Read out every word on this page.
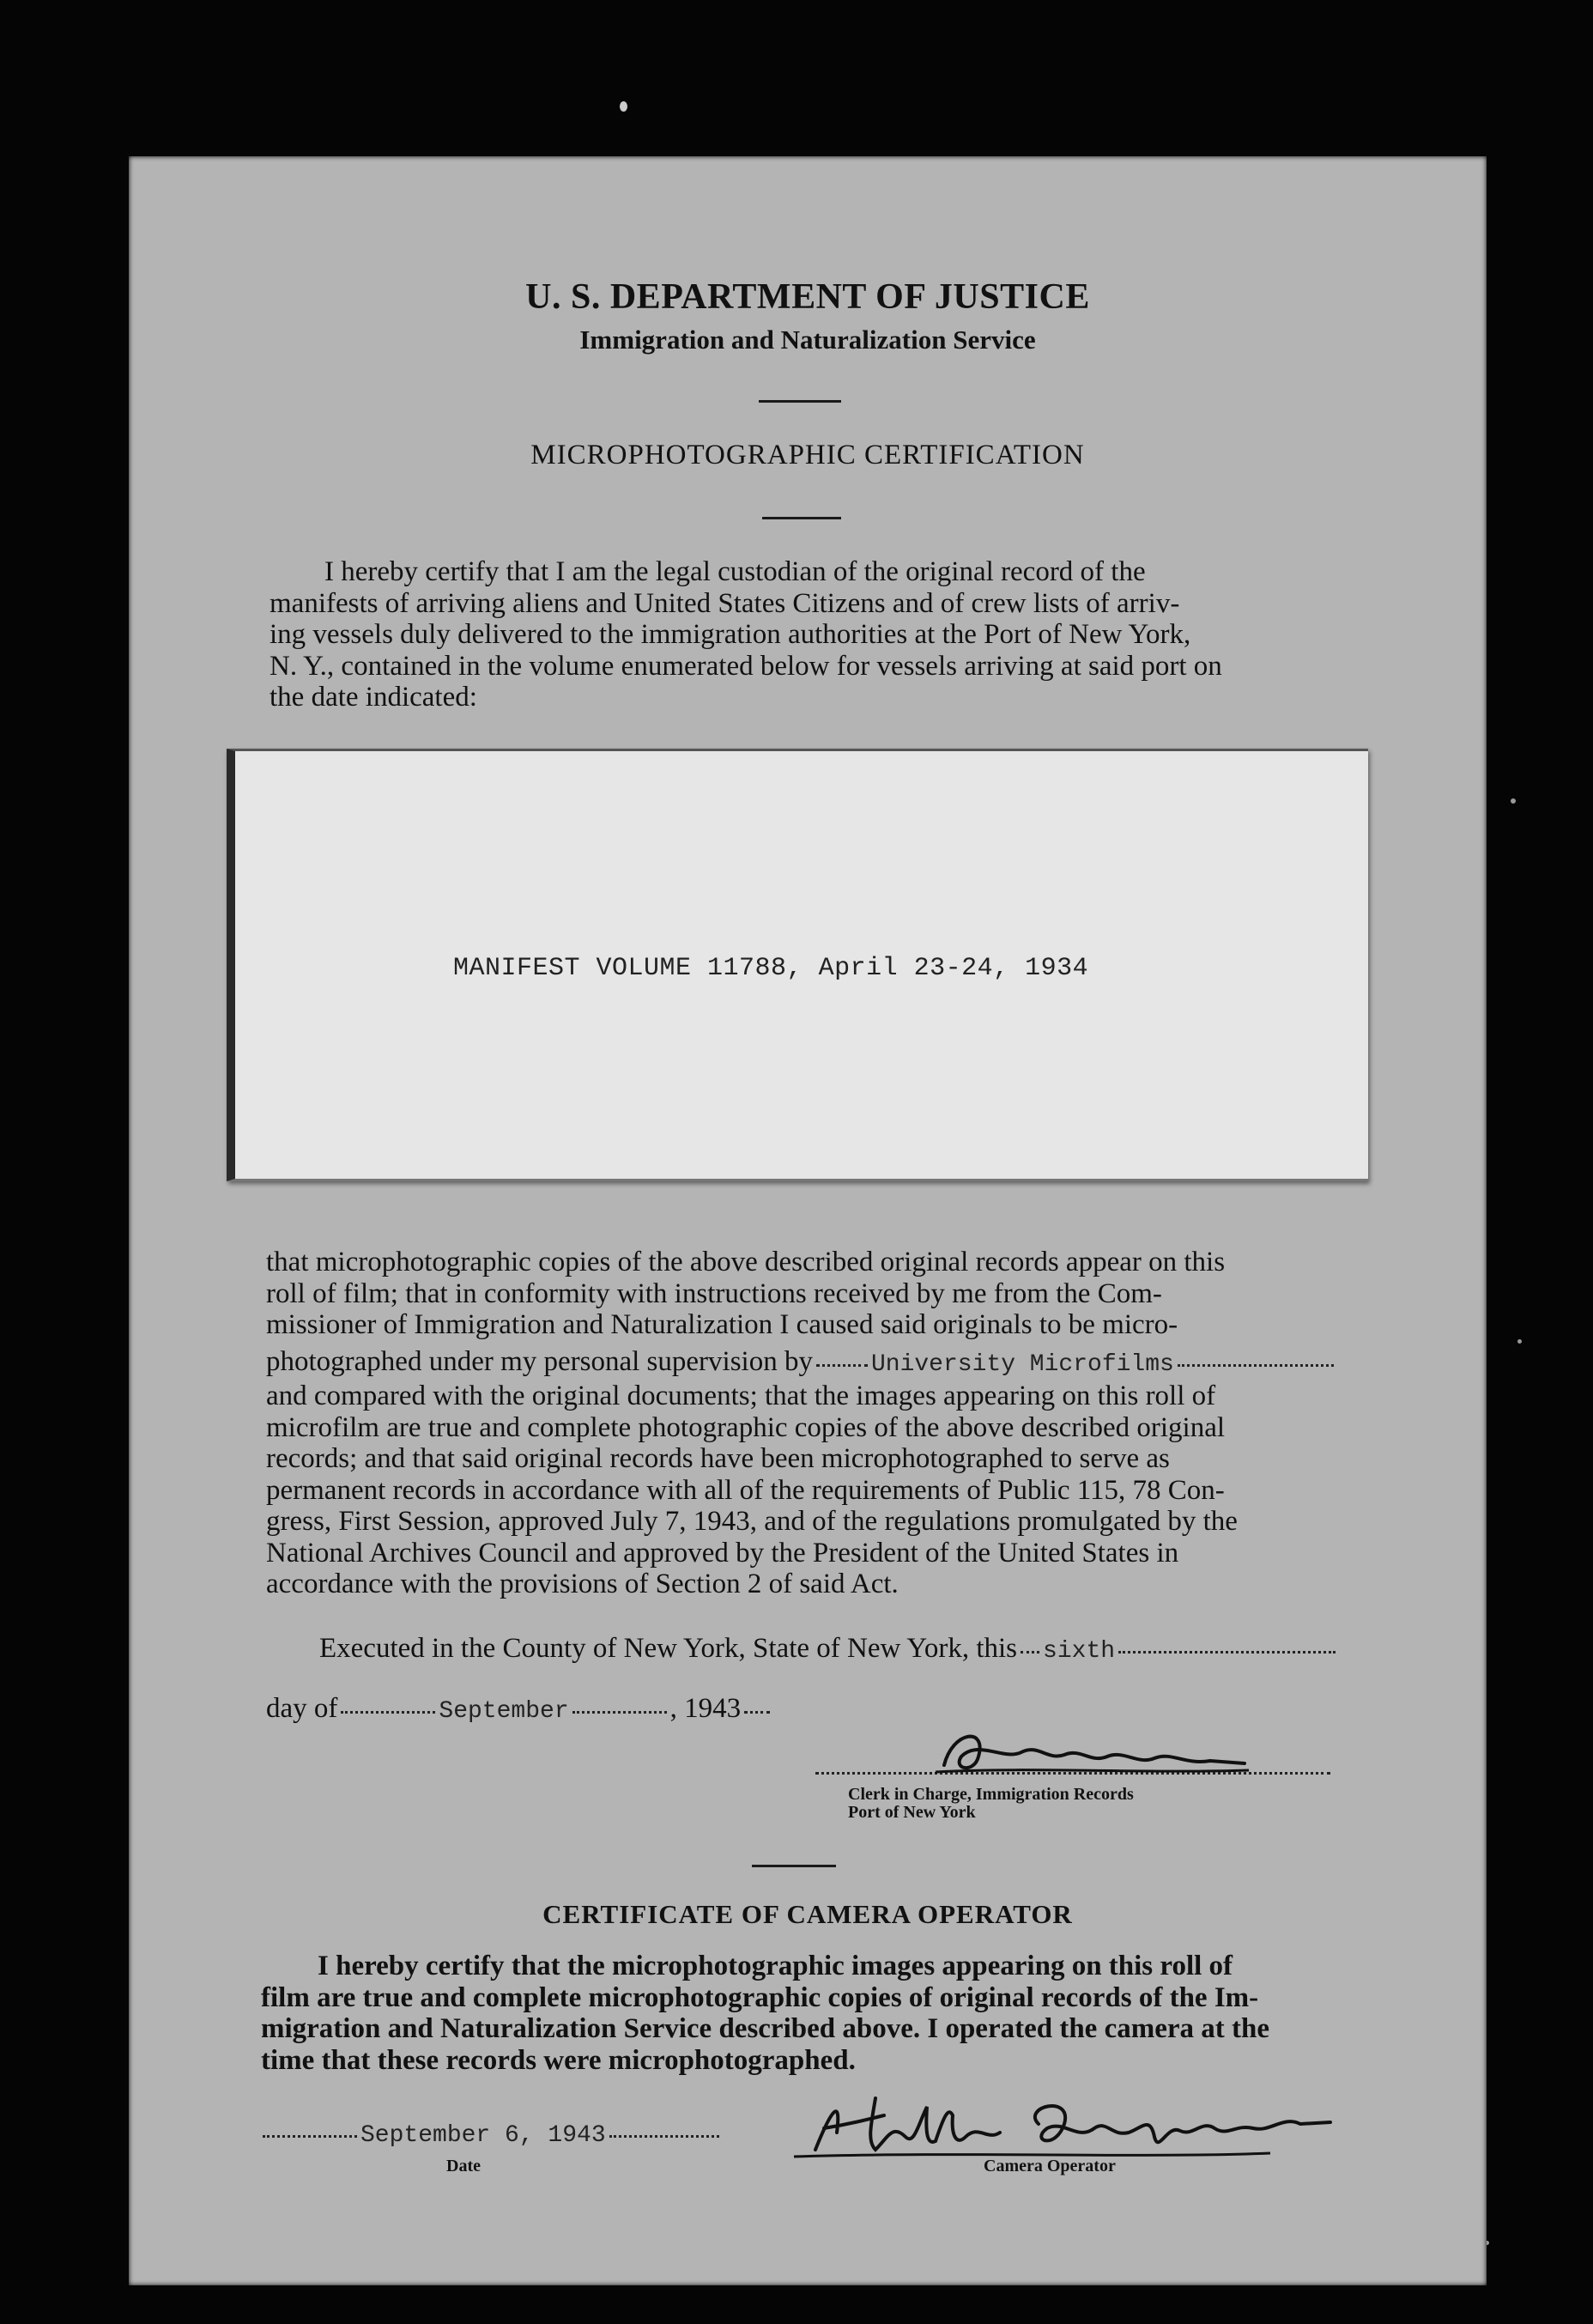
U. S. DEPARTMENT OF JUSTICE
Immigration and Naturalization Service
MICROPHOTOGRAPHIC CERTIFICATION
I hereby certify that I am the legal custodian of the original record of the
manifests of arriving aliens and United States Citizens and of crew lists of arriv-
ing vessels duly delivered to the immigration authorities at the Port of New York,
N. Y., contained in the volume enumerated below for vessels arriving at said port on
the date indicated:
MANIFEST VOLUME 11788, April 23-24, 1934
that microphotographic copies of the above described original records appear on this
roll of film; that in conformity with instructions received by me from the Com-
missioner of Immigration and Naturalization I caused said originals to be micro-
photographed under my personal supervision by University Microfilms
and compared with the original documents; that the images appearing on this roll of
microfilm are true and complete photographic copies of the above described original
records; and that said original records have been microphotographed to serve as
permanent records in accordance with all of the requirements of Public 115, 78 Con-
gress, First Session, approved July 7, 1943, and of the regulations promulgated by the
National Archives Council and approved by the President of the United States in
accordance with the provisions of Section 2 of said Act.
Executed in the County of New York, State of New York, this sixth
day of	September	, 1943
Clerk in Charge, Immigration Records
Port of New York
CERTIFICATE OF CAMERA OPERATOR
I hereby certify that the microphotographic images appearing on this roll of
film are true and complete microphotographic copies of original records of the Im-
migration and Naturalization Service described above. I operated the camera at the
time that these records were microphotographed.
September 6, 1943
Date	Camera Operator
